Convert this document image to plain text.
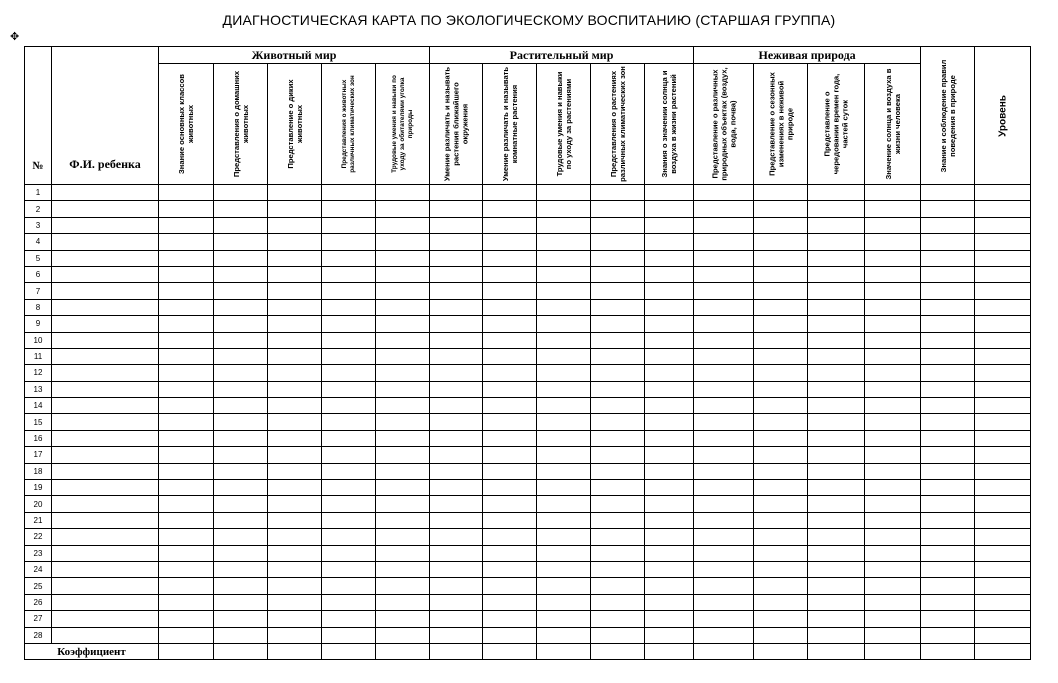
ДИАГНОСТИЧЕСКАЯ КАРТА ПО ЭКОЛОГИЧЕСКОМУ ВОСПИТАНИЮ (СТАРШАЯ ГРУППА)
✥
№	Ф.И. ребенка	Животный мир					Растительный мир					Неживая природа				Знание и соблюдение правил поведения в природе	Уровень

		Знание основных классов животных	Представления о домашних животных	Представление о диких животных	Представления о животных различных климатических зон	Трудовые умения и навыки по уходу за обитателями уголка природы	Умение различать и называть растения ближайшего окружения	Умение различать и называть комнатные растения	Трудовые умения и навыки по уходу за растениями	Представления о растениях различных климатических зон	Знания о значении солнца и воздуха в жизни растений	Представление о различных природных объектах (воздух, вода, почва)	Представление о сезонных изменениях в неживой природе	Представление о чередовании времен года, частей суток	Значение солнца и воздуха в жизни человека		

1																	
2																	
3																	
4																	
5																	
6																	
7																	
8																	
9																	
10																	
11																	
12																	
13																	
14																	
15																	
16																	
17																	
18																	
19																	
20																	
21																	
22																	
23																	
24																	
25																	
26																	
27																	
28																	
Коэффициент																	
